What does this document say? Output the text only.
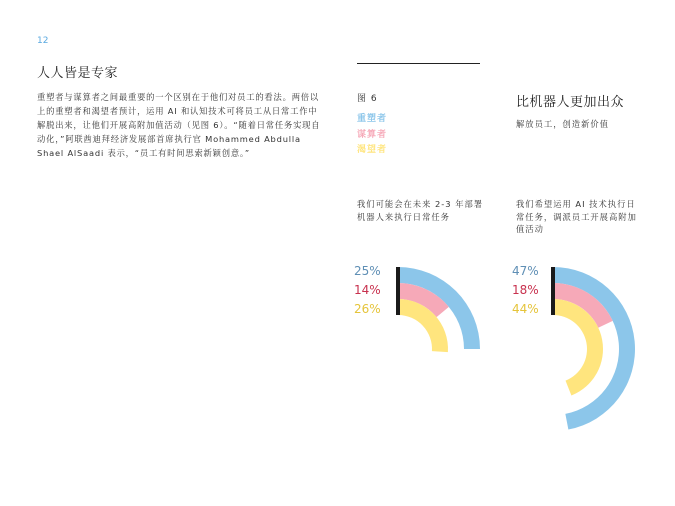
12
人人皆是专家

重塑者与谋算者之间最重要的一个区别在于他们对员工的看法。两倍以上的重塑者和渴望者预计，运用 AI 和认知技术可将员工从日常工作中解脱出来，让他们开展高附加值活动（见图 6）。“随着日常任务实现自动化，”阿联酋迪拜经济发展部首席执行官 Mohammed Abdulla Shael AlSaadi 表示，“员工有时间思索新颖创意。”

图 6
重塑者
谋算者
渴望者
比机器人更加出众
解放员工，创造新价值
我们可能会在未来 2-3 年部署机器人来执行日常任务
我们希望运用 AI 技术执行日常任务，调派员工开展高附加值活动
25%
14%
26%
47%
18%
44%
